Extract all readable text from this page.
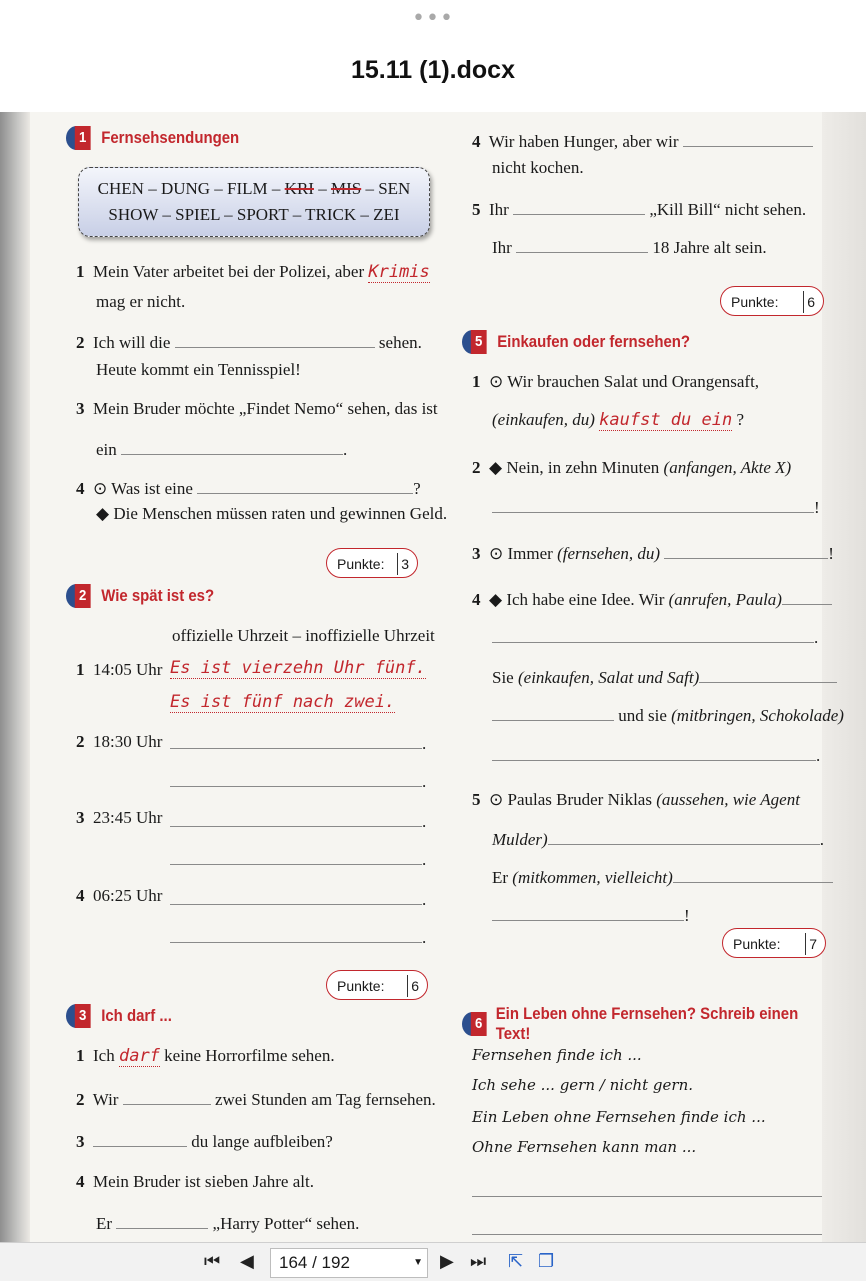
•••
15.11 (1).docx
1 Fernsehsendungen
CHEN – DUNG – FILM – KRI – MIS – SEN
SHOW – SPIEL – SPORT – TRICK – ZEI
1 Mein Vater arbeitet bei der Polizei, aber Krimis
mag er nicht.
2 Ich will die	sehen.
Heute kommt ein Tennisspiel!
3 Mein Bruder möchte „Findet Nemo“ sehen, das ist
ein	.
4 ⊙ Was ist eine	?
◆ Die Menschen müssen raten und gewinnen Geld.
Punkte: 3
2 Wie spät ist es?
offizielle Uhrzeit – inoffizielle Uhrzeit
1 14:05 Uhr Es ist vierzehn Uhr fünf.
Es ist fünf nach zwei.
2 18:30 Uhr	.
.
3 23:45 Uhr	.
.
4 06:25 Uhr	.
.
Punkte: 6
3 Ich darf ...
1 Ich darf keine Horrorfilme sehen.
2 Wir	zwei Stunden am Tag fernsehen.
3	du lange aufbleiben?
4 Mein Bruder ist sieben Jahre alt.
Er	„Harry Potter“ sehen.
4 Wir haben Hunger, aber wir
nicht kochen.
5 Ihr	„Kill Bill“ nicht sehen.
Ihr	18 Jahre alt sein.
Punkte: 6
5 Einkaufen oder fernsehen?
1 ⊙ Wir brauchen Salat und Orangensaft,
(einkaufen, du) kaufst du ein ?
2 ◆ Nein, in zehn Minuten (anfangen, Akte X)
!
3 ⊙ Immer (fernsehen, du)	!
4 ◆ Ich habe eine Idee. Wir (anrufen, Paula)
.
Sie (einkaufen, Salat und Saft)
und sie (mitbringen, Schokolade)
.
5 ⊙ Paulas Bruder Niklas (aussehen, wie Agent
Mulder)	.
Er (mitkommen, vielleicht)
!
Punkte: 7
6
Ein Leben ohne Fernsehen? Schreib einen Text!
Fernsehen finde ich ...
Ich sehe ... gern / nicht gern.
Ein Leben ohne Fernsehen finde ich ...
Ohne Fernsehen kann man ...
⏮ ◀	164 / 192	▼ ▶ ⏭ ⇱ ❐
